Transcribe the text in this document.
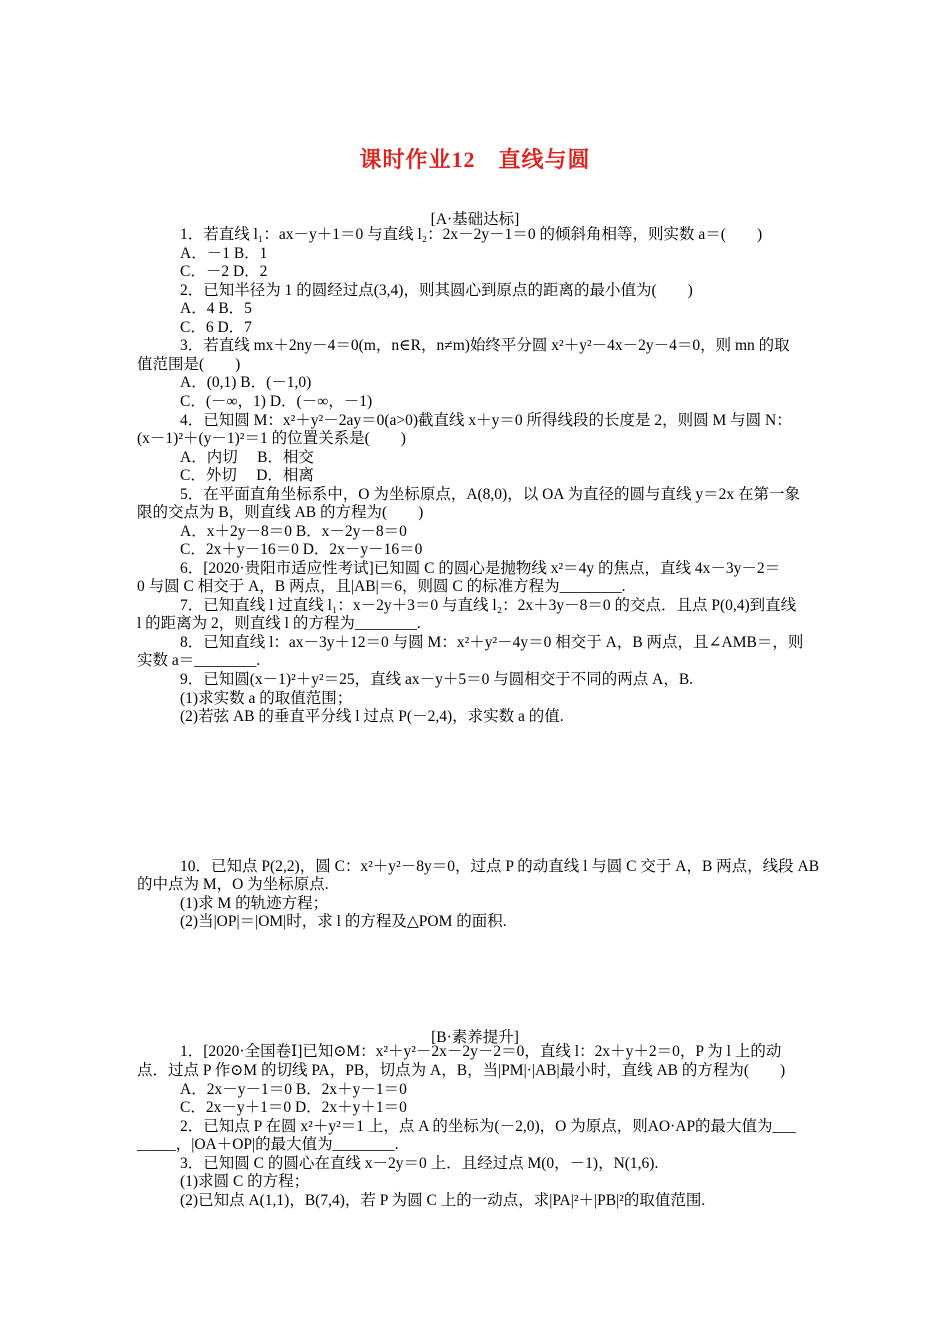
课时作业12　直线与圆
[A·基础达标]
1．若直线 l₁：ax－y＋1＝0 与直线 l₂：2x－2y－1＝0 的倾斜角相等，则实数 a＝(　　)
A．－1 B．1
C．－2 D．2
2．已知半径为 1 的圆经过点(3,4)，则其圆心到原点的距离的最小值为(　　)
A．4 B．5
C．6 D．7
3．若直线 mx＋2ny－4＝0(m，n∈R，n≠m)始终平分圆 x²＋y²－4x－2y－4＝0，则 mn 的取
值范围是(　　)
A．(0,1) B．(－1,0)
C．(－∞，1) D．(－∞，－1)
4．已知圆 M：x²＋y²－2ay＝0(a>0)截直线 x＋y＝0 所得线段的长度是 2，则圆 M 与圆 N：
(x－1)²＋(y－1)²＝1 的位置关系是(　　)
A．内切　 B．相交
C．外切　 D．相离
5．在平面直角坐标系中，O 为坐标原点，A(8,0)，以 OA 为直径的圆与直线 y＝2x 在第一象
限的交点为 B，则直线 AB 的方程为(　　)
A．x＋2y－8＝0 B．x－2y－8＝0
C．2x＋y－16＝0 D．2x－y－16＝0
6．[2020·贵阳市适应性考试]已知圆 C 的圆心是抛物线 x²＝4y 的焦点，直线 4x－3y－2＝
0 与圆 C 相交于 A，B 两点，且|AB|＝6，则圆 C 的标准方程为________.
7．已知直线 l 过直线 l₁：x－2y＋3＝0 与直线 l₂：2x＋3y－8＝0 的交点．且点 P(0,4)到直线
l 的距离为 2，则直线 l 的方程为________.
8．已知直线 l：ax－3y＋12＝0 与圆 M：x²＋y²－4y＝0 相交于 A，B 两点，且∠AMB＝，则
实数 a＝________.
9．已知圆(x－1)²＋y²＝25，直线 ax－y＋5＝0 与圆相交于不同的两点 A，B.
(1)求实数 a 的取值范围；
(2)若弦 AB 的垂直平分线 l 过点 P(－2,4)，求实数 a 的值.
10．已知点 P(2,2)，圆 C：x²＋y²－8y＝0，过点 P 的动直线 l 与圆 C 交于 A，B 两点，线段 AB
的中点为 M，O 为坐标原点.
(1)求 M 的轨迹方程；
(2)当|OP|＝|OM|时，求 l 的方程及△POM 的面积.
[B·素养提升]
1．[2020·全国卷Ⅰ]已知⊙M：x²＋y²－2x－2y－2＝0，直线 l：2x＋y＋2＝0，P 为 l 上的动
点．过点 P 作⊙M 的切线 PA，PB，切点为 A，B，当|PM|·|AB|最小时，直线 AB 的方程为(　　)
A．2x－y－1＝0 B．2x＋y－1＝0
C．2x－y＋1＝0 D．2x＋y＋1＝0
2．已知点 P 在圆 x²＋y²＝1 上，点 A 的坐标为(－2,0)，O 为原点，则AO·AP的最大值为___
_____，|OA＋OP|的最大值为________.
3．已知圆 C 的圆心在直线 x－2y＝0 上．且经过点 M(0，－1)，N(1,6).
(1)求圆 C 的方程；
(2)已知点 A(1,1)，B(7,4)，若 P 为圆 C 上的一动点，求|PA|²＋|PB|²的取值范围.
